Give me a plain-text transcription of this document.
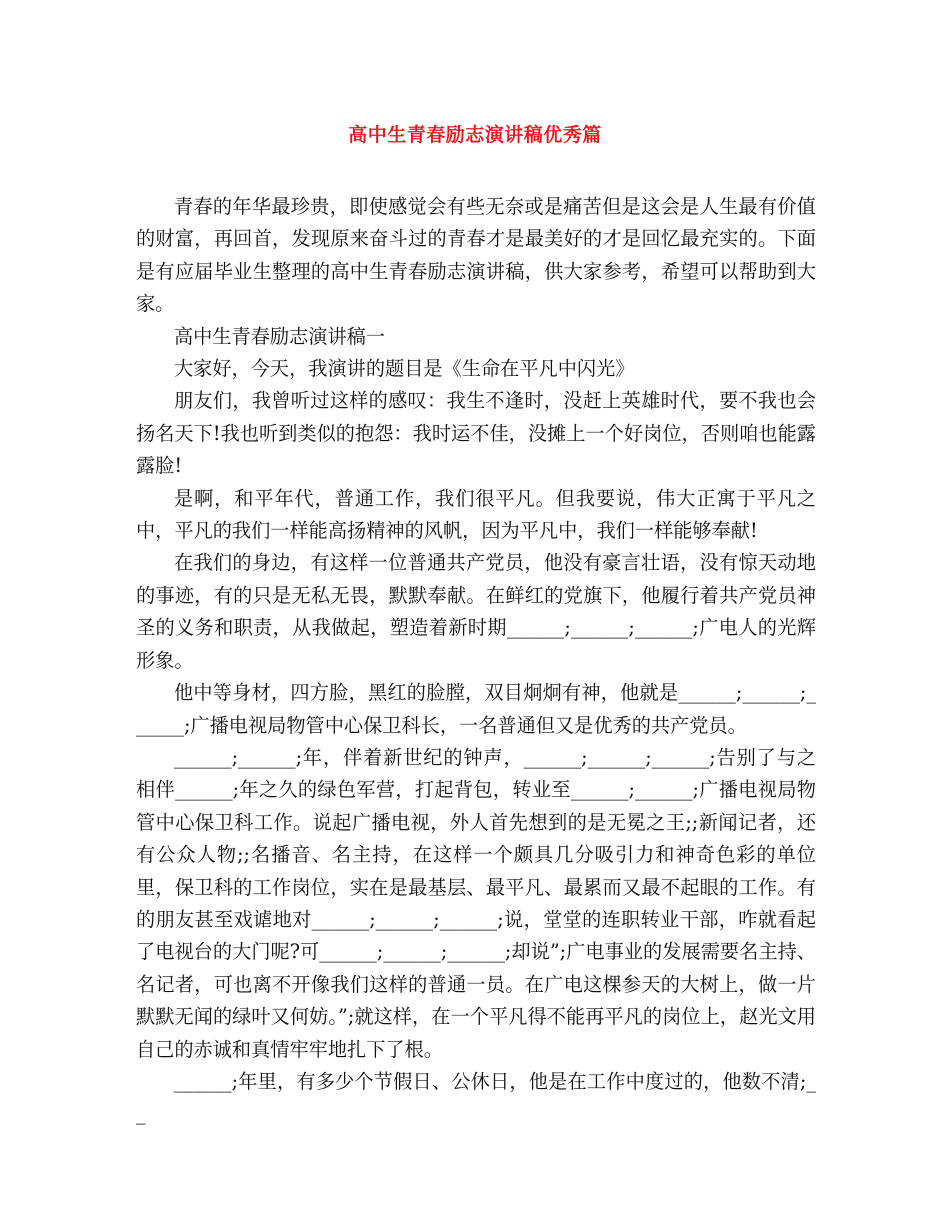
高中生青春励志演讲稿优秀篇

青春的年华最珍贵，即使感觉会有些无奈或是痛苦但是这会是人生最有价值的财富，再回首，发现原来奋斗过的青春才是最美好的才是回忆最充实的。下面是有应届毕业生整理的高中生青春励志演讲稿，供大家参考，希望可以帮助到大家。

高中生青春励志演讲稿一

大家好，今天，我演讲的题目是《生命在平凡中闪光》

朋友们，我曾听过这样的感叹：我生不逢时，没赶上英雄时代，要不我也会扬名天下!我也听到类似的抱怨：我时运不佳，没摊上一个好岗位，否则咱也能露露脸!

是啊，和平年代，普通工作，我们很平凡。但我要说，伟大正寓于平凡之中，平凡的我们一样能高扬精神的风帆，因为平凡中，我们一样能够奉献!

在我们的身边，有这样一位普通共产党员，他没有豪言壮语，没有惊天动地的事迹，有的只是无私无畏，默默奉献。在鲜红的党旗下，他履行着共产党员神圣的义务和职责，从我做起，塑造着新时期______;______;______;广电人的光辉形象。

他中等身材，四方脸，黑红的脸膛，双目炯炯有神，他就是______;______;______;广播电视局物管中心保卫科长，一名普通但又是优秀的共产党员。

______;______;年，伴着新世纪的钟声，______;______;______;告别了与之相伴______;年之久的绿色军营，打起背包，转业至______;______;广播电视局物管中心保卫科工作。说起广播电视，外人首先想到的是无冕之王;;新闻记者，还有公众人物;;名播音、名主持，在这样一个颇具几分吸引力和神奇色彩的单位里，保卫科的工作岗位，实在是最基层、最平凡、最累而又最不起眼的工作。有的朋友甚至戏谑地对______;______;______;说，堂堂的连职转业干部，咋就看起了电视台的大门呢?可______;______;______;却说”;广电事业的发展需要名主持、名记者，可也离不开像我们这样的普通一员。在广电这棵参天的大树上，做一片默默无闻的绿叶又何妨。”;就这样，在一个平凡得不能再平凡的岗位上，赵光文用自己的赤诚和真情牢牢地扎下了根。

______;年里，有多少个节假日、公休日，他是在工作中度过的，他数不清;__
